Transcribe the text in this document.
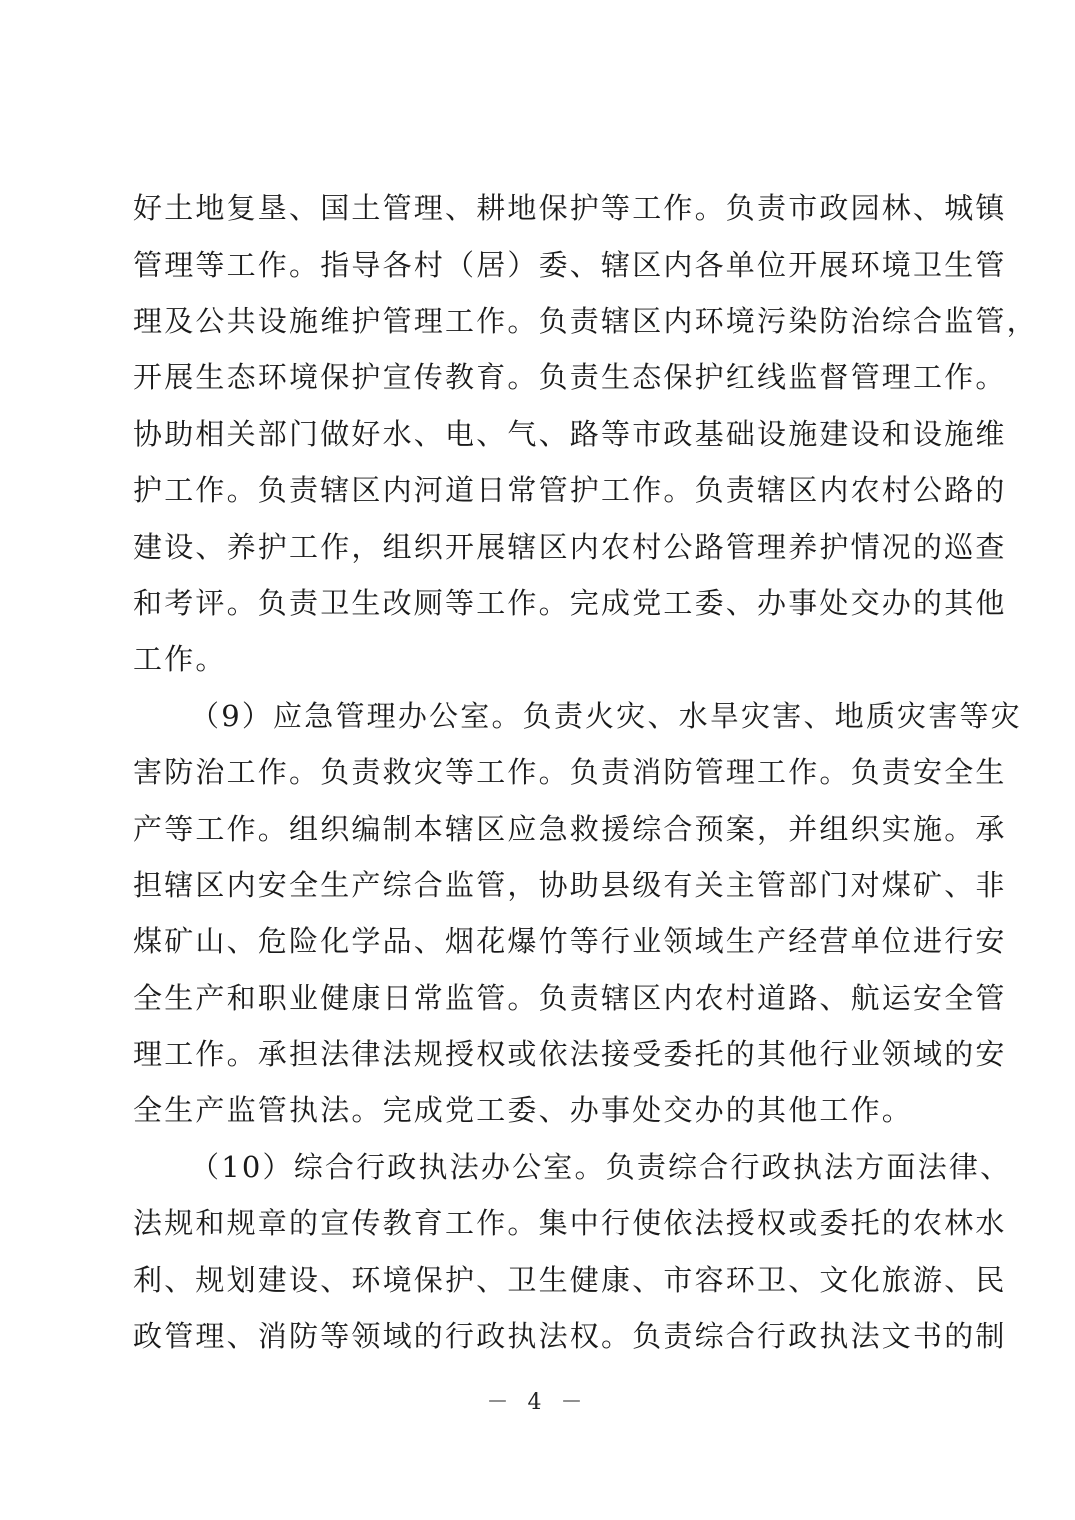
好土地复垦、国土管理、耕地保护等工作。负责市政园林、城镇
管理等工作。指导各村（居）委、辖区内各单位开展环境卫生管
理及公共设施维护管理工作。负责辖区内环境污染防治综合监管，
开展生态环境保护宣传教育。负责生态保护红线监督管理工作。
协助相关部门做好水、电、气、路等市政基础设施建设和设施维
护工作。负责辖区内河道日常管护工作。负责辖区内农村公路的
建设、养护工作，组织开展辖区内农村公路管理养护情况的巡查
和考评。负责卫生改厕等工作。完成党工委、办事处交办的其他
工作。
（9）应急管理办公室。负责火灾、水旱灾害、地质灾害等灾
害防治工作。负责救灾等工作。负责消防管理工作。负责安全生
产等工作。组织编制本辖区应急救援综合预案，并组织实施。承
担辖区内安全生产综合监管，协助县级有关主管部门对煤矿、非
煤矿山、危险化学品、烟花爆竹等行业领域生产经营单位进行安
全生产和职业健康日常监管。负责辖区内农村道路、航运安全管
理工作。承担法律法规授权或依法接受委托的其他行业领域的安
全生产监管执法。完成党工委、办事处交办的其他工作。
（10）综合行政执法办公室。负责综合行政执法方面法律、
法规和规章的宣传教育工作。集中行使依法授权或委托的农林水
利、规划建设、环境保护、卫生健康、市容环卫、文化旅游、民
政管理、消防等领域的行政执法权。负责综合行政执法文书的制
－ 4 －
